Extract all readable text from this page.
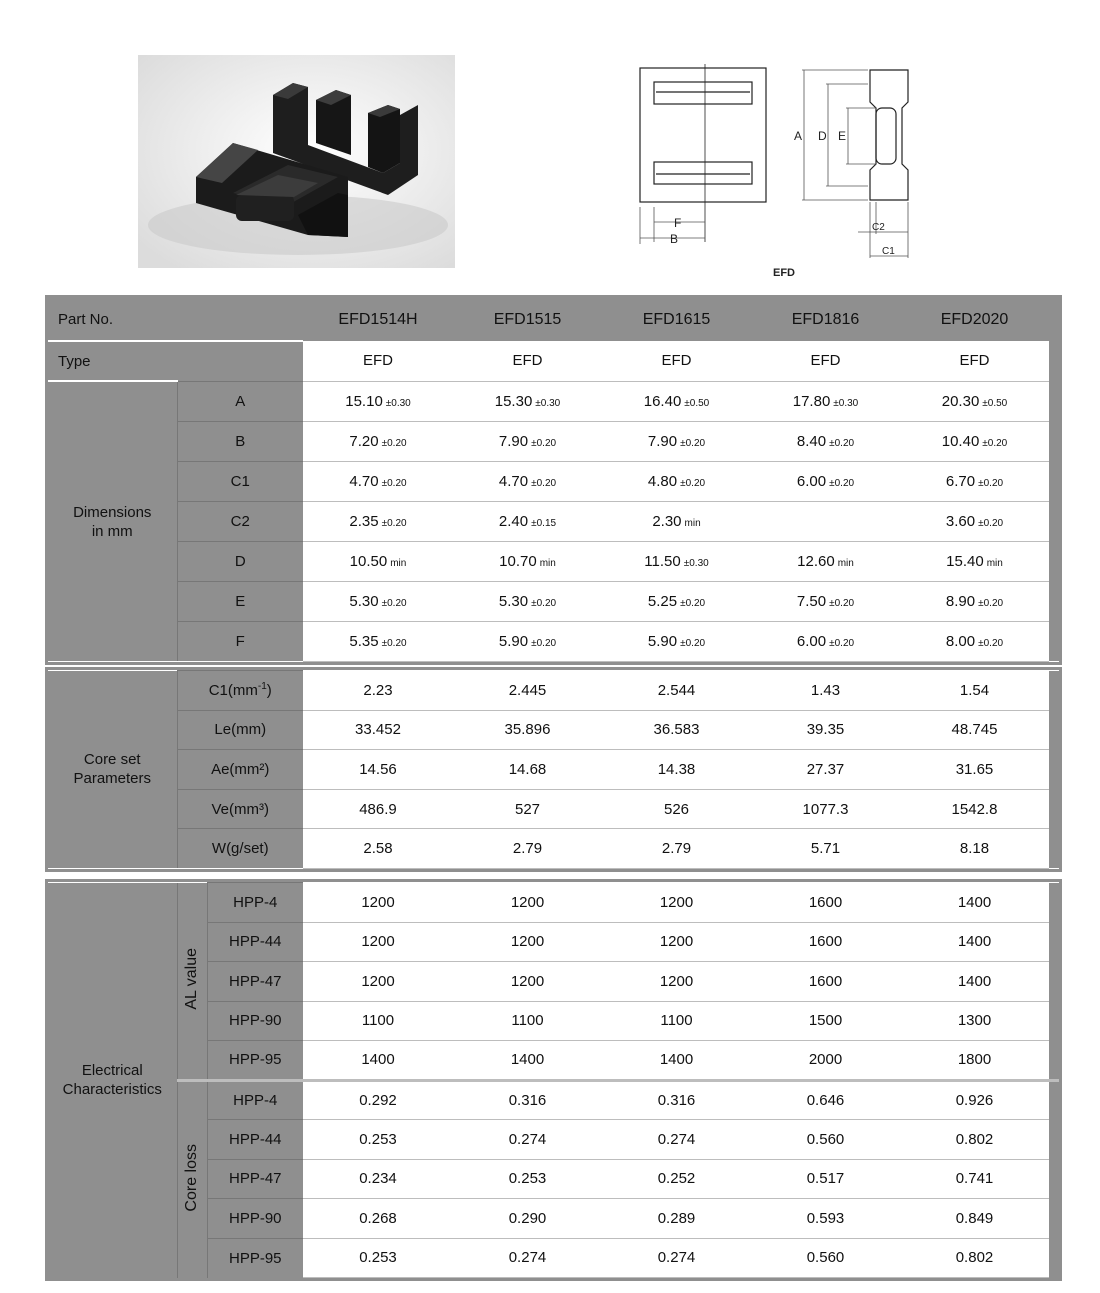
A D E
F
B
C2
C1
EFD
Part No.		EFD1514H	EFD1515	EFD1615	EFD1816	EFD2020	
Type		EFD	EFD	EFD	EFD	EFD	

Dimensions
in mm	A	15.10 ±0.30	15.30 ±0.30	16.40 ±0.50	17.80 ±0.30	20.30 ±0.50	
	B	7.20 ±0.20	7.90 ±0.20	7.90 ±0.20	8.40 ±0.20	10.40 ±0.20	
	C1	4.70 ±0.20	4.70 ±0.20	4.80 ±0.20	6.00 ±0.20	6.70 ±0.20	
	C2	2.35 ±0.20	2.40 ±0.15	2.30 min		3.60 ±0.20	
	D	10.50 min	10.70 min	11.50 ±0.30	12.60 min	15.40 min	
	E	5.30 ±0.20	5.30 ±0.20	5.25 ±0.20	7.50 ±0.20	8.90 ±0.20	
	F	5.35 ±0.20	5.90 ±0.20	5.90 ±0.20	6.00 ±0.20	8.00 ±0.20	
Core set
Parameters	$C1(mm^{-1})$	2.23	2.445	2.544	1.43	1.54	
	Le(mm)	33.452	35.896	36.583	39.35	48.745	
	Ae(mm²)	14.56	14.68	14.38	27.37	31.65	
	Ve(mm³)	486.9	527	526	1077.3	1542.8	
	W(g/set)	2.58	2.79	2.79	5.71	8.18	
Electrical
Characteristics	AL value	HPP-4	1200	1200	1200	1600	1400	
		HPP-44	1200	1200	1200	1600	1400	
		HPP-47	1200	1200	1200	1600	1400	
		HPP-90	1100	1100	1100	1500	1300	
		HPP-95	1400	1400	1400	2000	1800	
	Core loss	HPP-4	0.292	0.316	0.316	0.646	0.926	
		HPP-44	0.253	0.274	0.274	0.560	0.802	
		HPP-47	0.234	0.253	0.252	0.517	0.741	
		HPP-90	0.268	0.290	0.289	0.593	0.849	
		HPP-95	0.253	0.274	0.274	0.560	0.802	
